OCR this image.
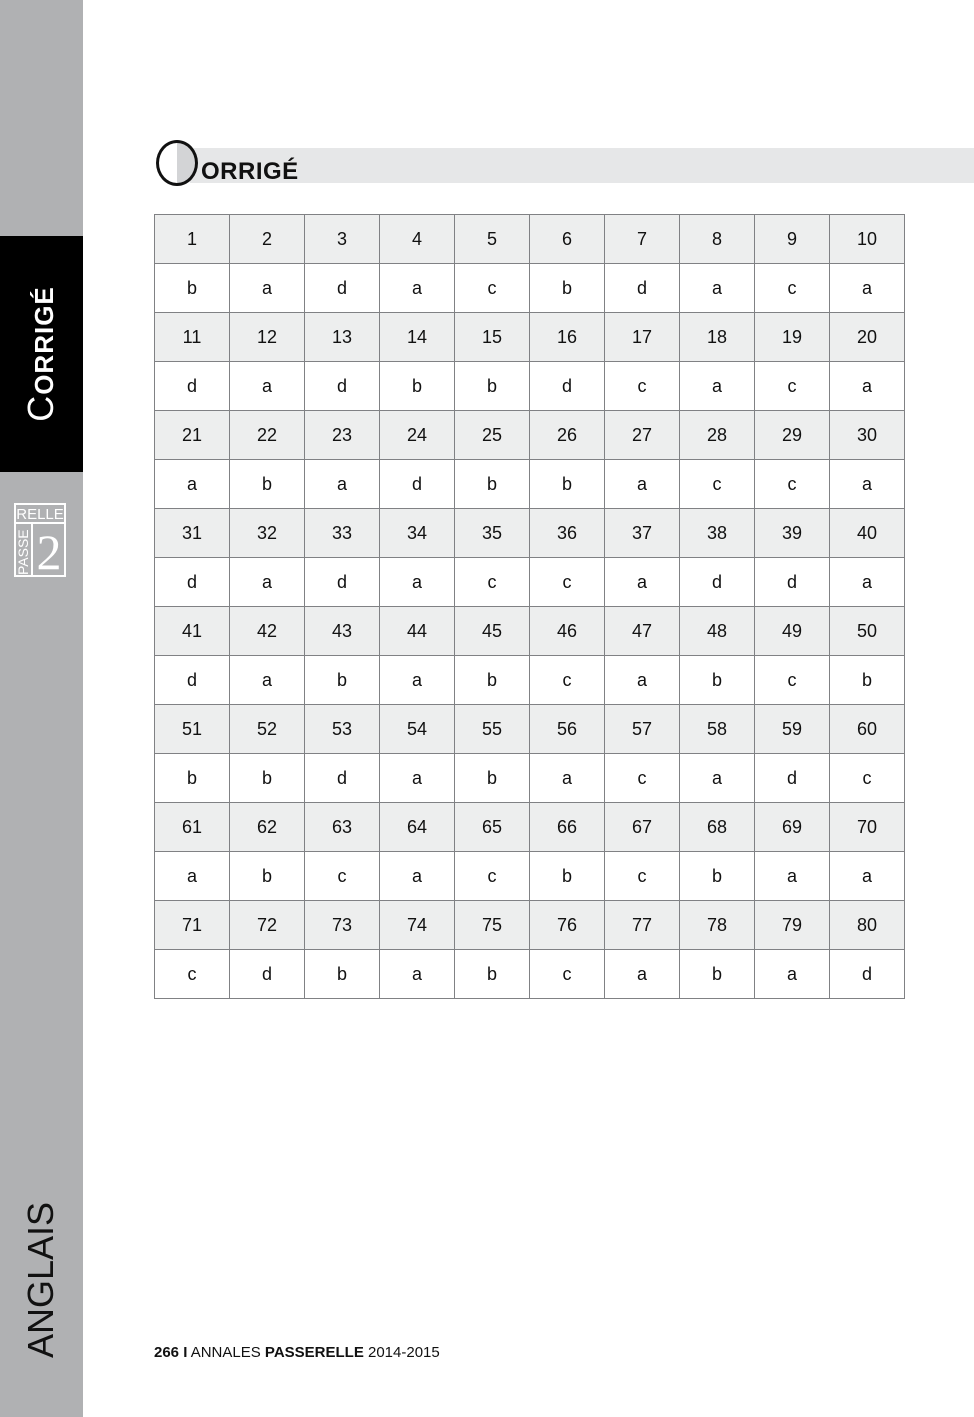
CORRIGÉ
RELLE
PASSE 2
ANGLAIS
ORRIGÉ
1	2	3	4	5	6	7	8	9	10
b	a	d	a	c	b	d	a	c	a
11	12	13	14	15	16	17	18	19	20
d	a	d	b	b	d	c	a	c	a
21	22	23	24	25	26	27	28	29	30
a	b	a	d	b	b	a	c	c	a
31	32	33	34	35	36	37	38	39	40
d	a	d	a	c	c	a	d	d	a
41	42	43	44	45	46	47	48	49	50
d	a	b	a	b	c	a	b	c	b
51	52	53	54	55	56	57	58	59	60
b	b	d	a	b	a	c	a	d	c
61	62	63	64	65	66	67	68	69	70
a	b	c	a	c	b	c	b	a	a
71	72	73	74	75	76	77	78	79	80
c	d	b	a	b	c	a	b	a	d
266 I ANNALES PASSERELLE 2014-2015
